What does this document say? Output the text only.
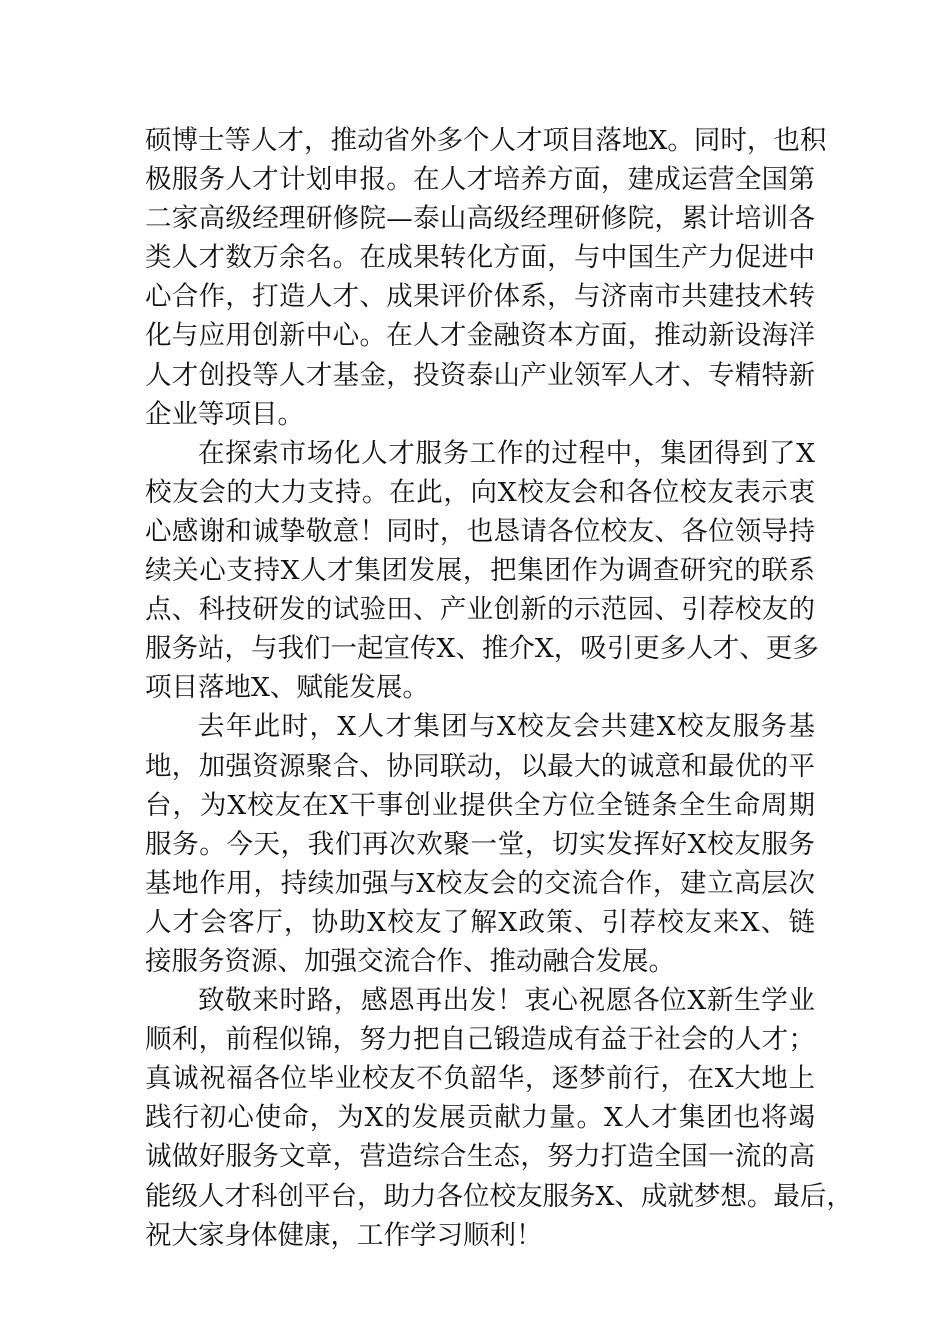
硕博士等人才，推动省外多个人才项目落地X。同时，也积
极服务人才计划申报。在人才培养方面，建成运营全国第
二家高级经理研修院—泰山高级经理研修院，累计培训各
类人才数万余名。在成果转化方面，与中国生产力促进中
心合作，打造人才、成果评价体系，与济南市共建技术转
化与应用创新中心。在人才金融资本方面，推动新设海洋
人才创投等人才基金，投资泰山产业领军人才、专精特新
企业等项目。
在探索市场化人才服务工作的过程中，集团得到了X
校友会的大力支持。在此，向X校友会和各位校友表示衷
心感谢和诚挚敬意！同时，也恳请各位校友、各位领导持
续关心支持X人才集团发展，把集团作为调查研究的联系
点、科技研发的试验田、产业创新的示范园、引荐校友的
服务站，与我们一起宣传X、推介X，吸引更多人才、更多
项目落地X、赋能发展。
去年此时，X人才集团与X校友会共建X校友服务基
地，加强资源聚合、协同联动，以最大的诚意和最优的平
台，为X校友在X干事创业提供全方位全链条全生命周期
服务。今天，我们再次欢聚一堂，切实发挥好X校友服务
基地作用，持续加强与X校友会的交流合作，建立高层次
人才会客厅，协助X校友了解X政策、引荐校友来X、链
接服务资源、加强交流合作、推动融合发展。
致敬来时路，感恩再出发！衷心祝愿各位X新生学业
顺利，前程似锦，努力把自己锻造成有益于社会的人才；
真诚祝福各位毕业校友不负韶华，逐梦前行，在X大地上
践行初心使命，为X的发展贡献力量。X人才集团也将竭
诚做好服务文章，营造综合生态，努力打造全国一流的高
能级人才科创平台，助力各位校友服务X、成就梦想。最后，
祝大家身体健康，工作学习顺利！
